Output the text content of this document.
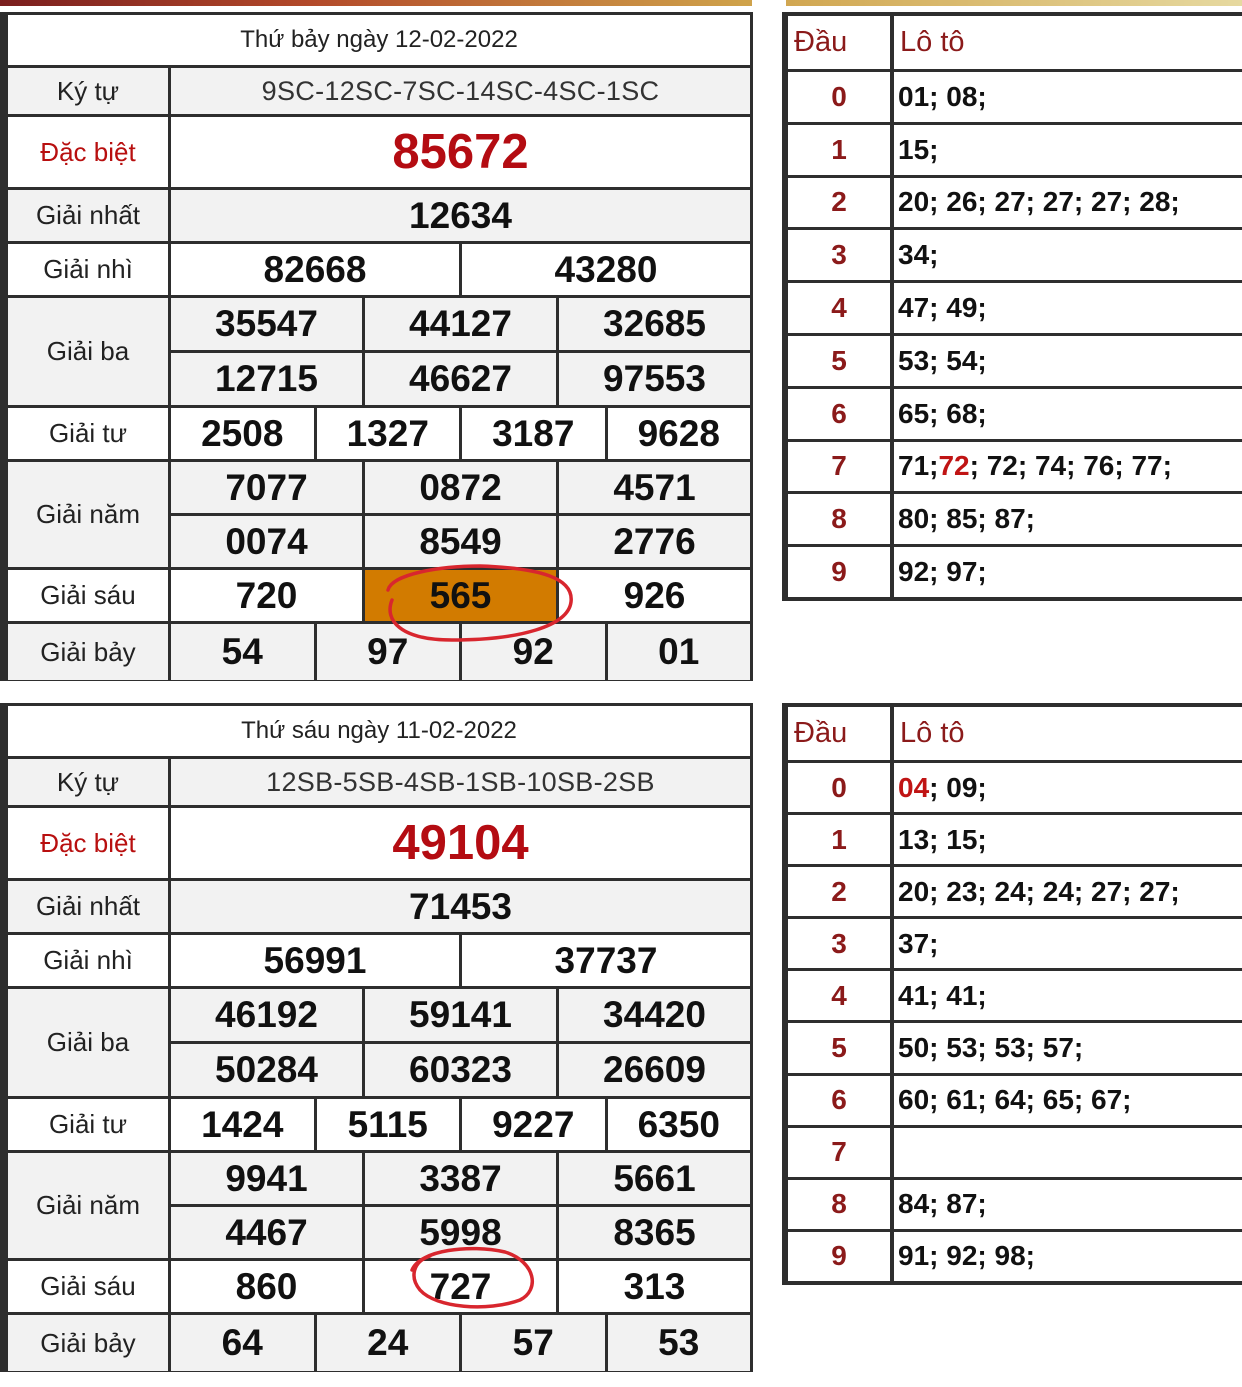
Thứ bảy ngày 12-02-2022
Ký tự	9SC-12SC-7SC-14SC-4SC-1SC
Đặc biệt	85672
Giải nhất	12634
Giải nhì	82668	43280
Giải ba
35547	44127	32685
12715	46627	97553
Giải tư	2508	1327	3187	9628
Giải năm
7077	0872	4571
0074	8549	2776
Giải sáu	720	565	926
Giải bảy	54	97	92	01
Đầu	Lô tô
0	01; 08;
1	15;
2	20; 26; 27; 27; 27; 28;
3	34;
4	47; 49;
5	53; 54;
6	65; 68;
7	71; 72 ; 72; 74; 76; 77;
8	80; 85; 87;
9	92; 97;
Thứ sáu ngày 11-02-2022
Ký tự	12SB-5SB-4SB-1SB-10SB-2SB
Đặc biệt	49104
Giải nhất	71453
Giải nhì	56991	37737
Giải ba
46192	59141	34420
50284	60323	26609
Giải tư	1424	5115	9227	6350
Giải năm
9941	3387	5661
4467	5998	8365
Giải sáu	860	727	313
Giải bảy	64	24	57	53
Đầu	Lô tô
0	04 ; 09;
1	13; 15;
2	20; 23; 24; 24; 27; 27;
3	37;
4	41; 41;
5	50; 53; 53; 57;
6	60; 61; 64; 65; 67;
7
8	84; 87;
9	91; 92; 98;
